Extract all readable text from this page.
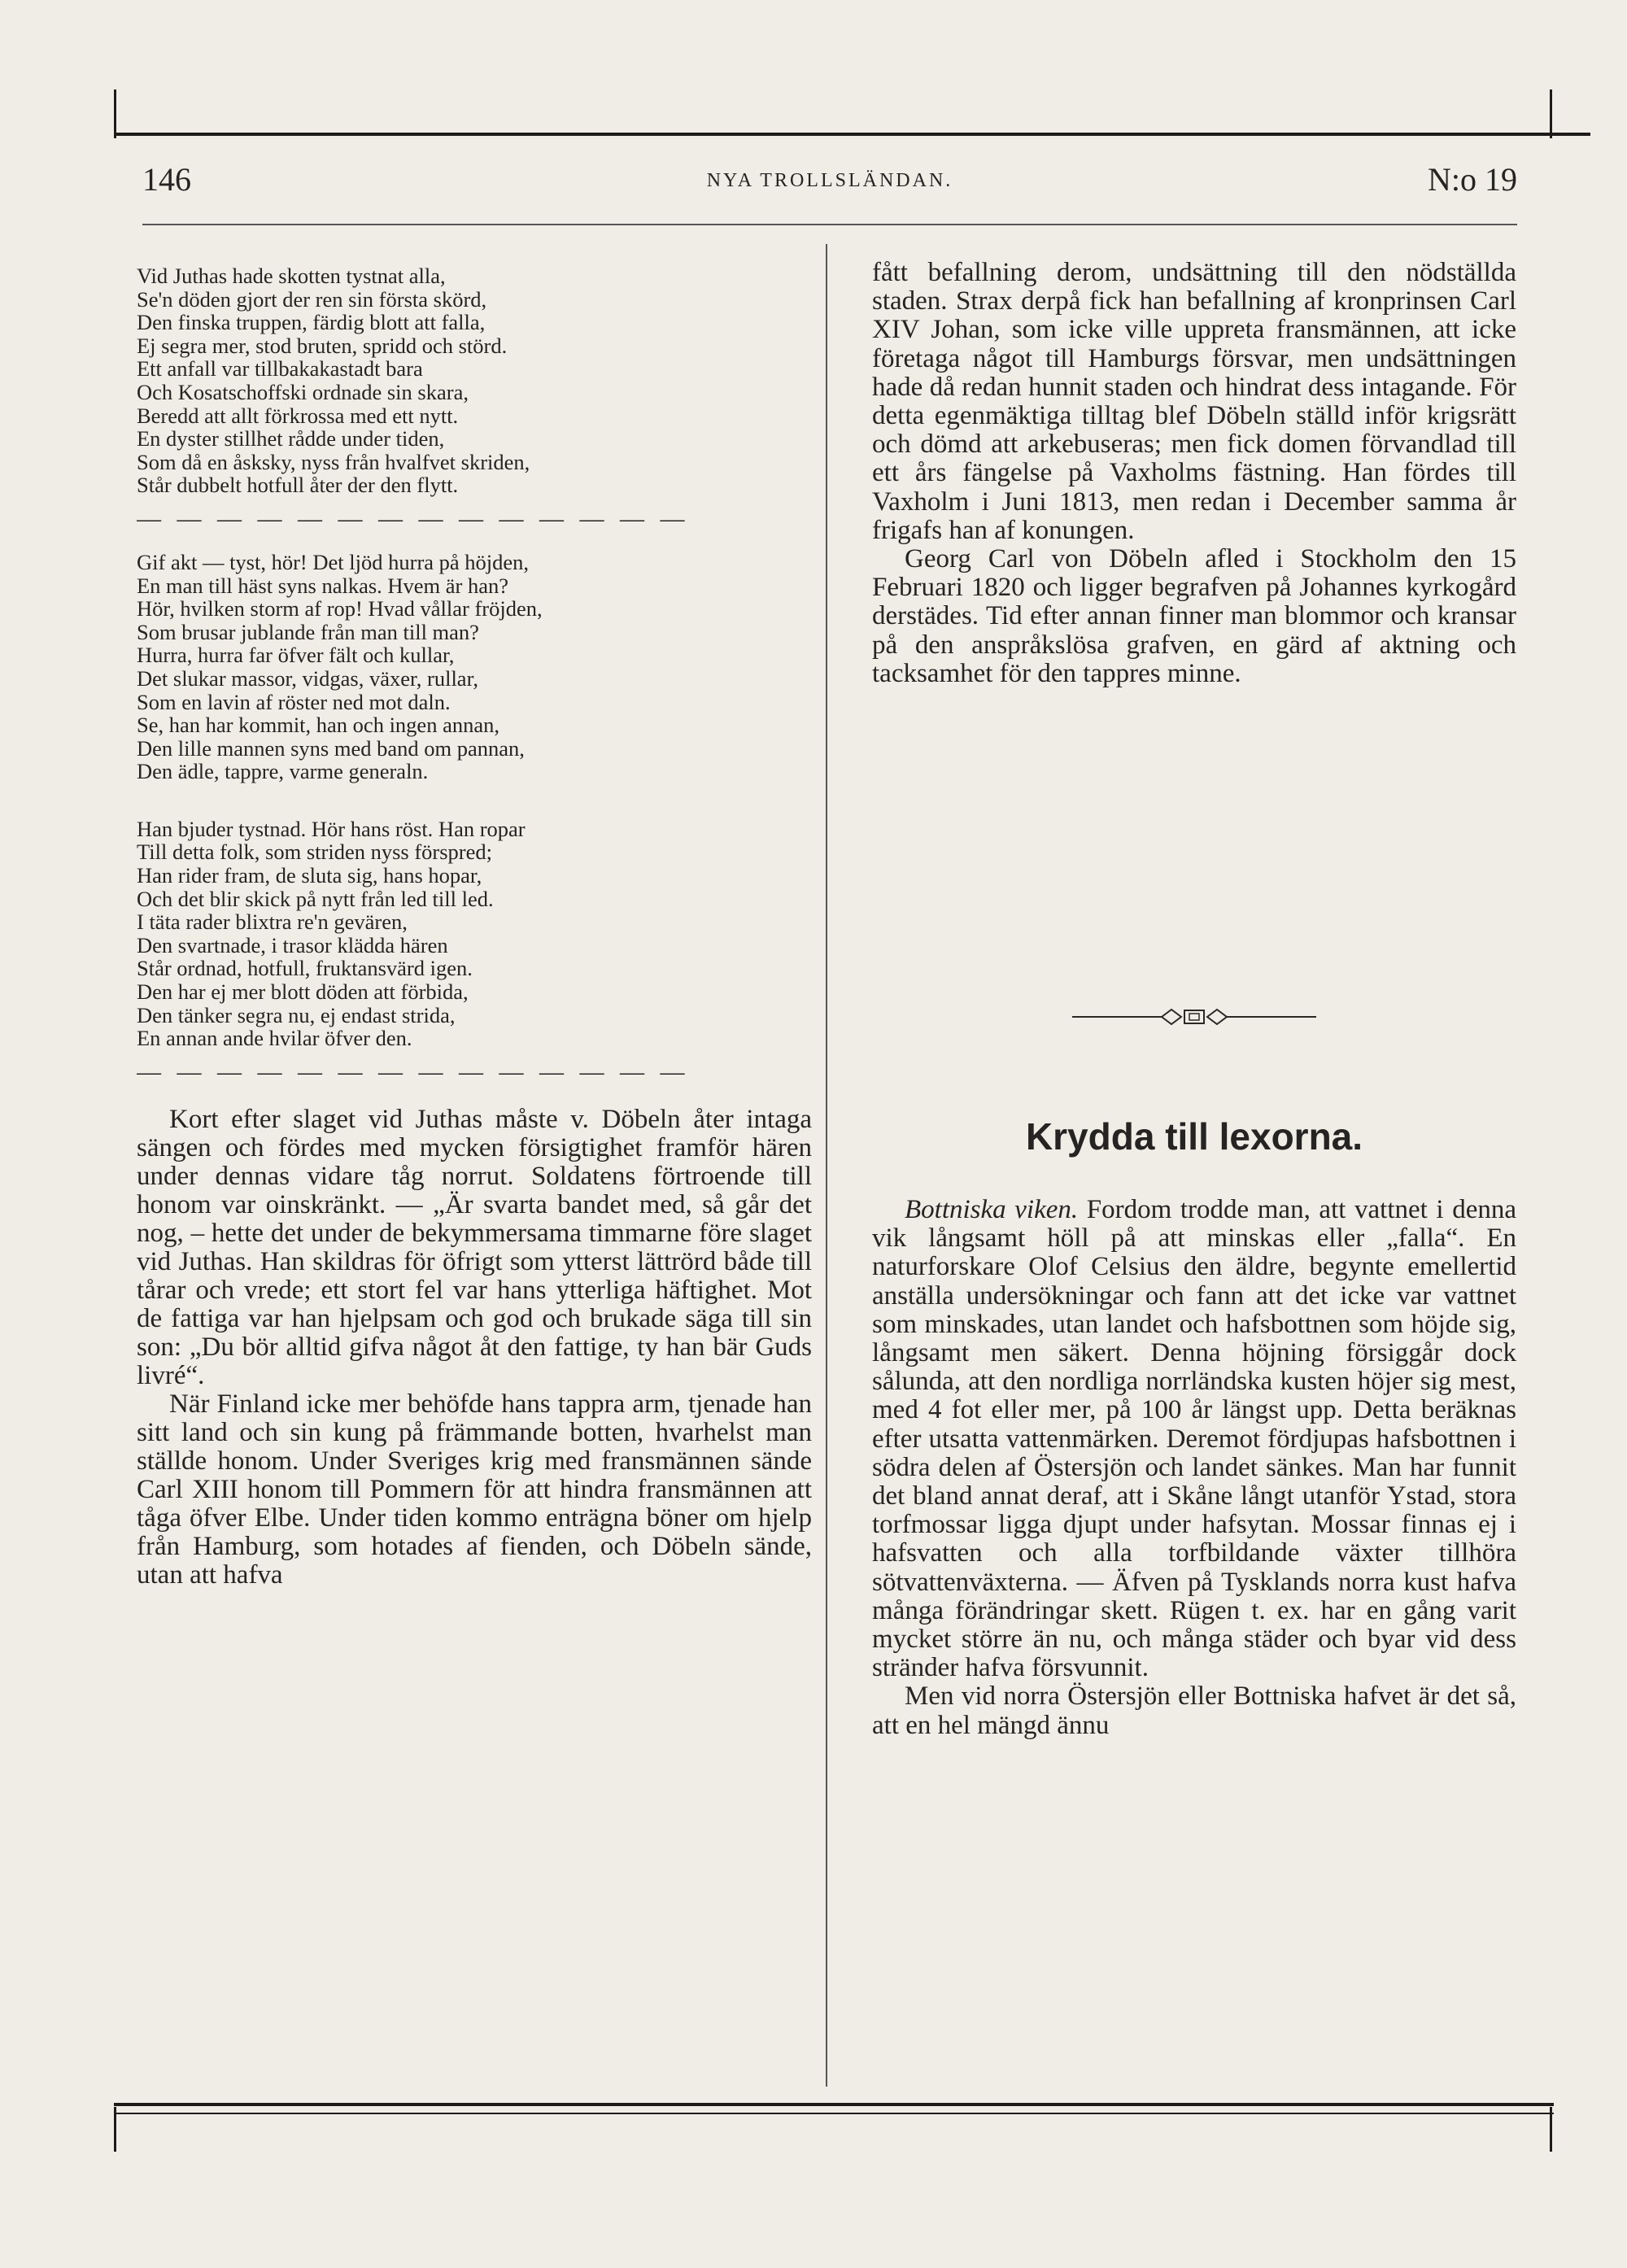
146	NYA TROLLSLÄNDAN.	N:o 19
Vid Juthas hade skotten tystnat alla,
Se'n döden gjort der ren sin första skörd,
Den finska truppen, färdig blott att falla,
Ej segra mer, stod bruten, spridd och störd.
Ett anfall var tillbakakastadt bara
Och Kosatschoffski ordnade sin skara,
Beredd att allt förkrossa med ett nytt.
En dyster stillhet rådde under tiden,
Som då en åsksky, nyss från hvalfvet skriden,
Står dubbelt hotfull åter der den flytt.
— — — — — — — — — — — — — —
Gif akt — tyst, hör! Det ljöd hurra på höjden,
En man till häst syns nalkas. Hvem är han?
Hör, hvilken storm af rop! Hvad vållar fröjden,
Som brusar jublande från man till man?
Hurra, hurra far öfver fält och kullar,
Det slukar massor, vidgas, växer, rullar,
Som en lavin af röster ned mot daln.
Se, han har kommit, han och ingen annan,
Den lille mannen syns med band om pannan,
Den ädle, tappre, varme generaln.
Han bjuder tystnad. Hör hans röst. Han ropar
Till detta folk, som striden nyss förspred;
Han rider fram, de sluta sig, hans hopar,
Och det blir skick på nytt från led till led.
I täta rader blixtra re'n gevären,
Den svartnade, i trasor klädda hären
Står ordnad, hotfull, fruktansvärd igen.
Den har ej mer blott döden att förbida,
Den tänker segra nu, ej endast strida,
En annan ande hvilar öfver den.
— — — — — — — — — — — — — —

Kort efter slaget vid Juthas måste v. Döbeln åter intaga sängen och fördes med mycken försigtighet framför hären under dennas vidare tåg norrut. Soldatens förtroende till honom var oinskränkt. — „Är svarta bandet med, så går det nog, – hette det under de bekymmersama timmarne före slaget vid Juthas. Han skildras för öfrigt som ytterst lättrörd både till tårar och vrede; ett stort fel var hans ytterliga häftighet. Mot de fattiga var han hjelpsam och god och brukade säga till sin son: „Du bör alltid gifva något åt den fattige, ty han bär Guds livré“.

När Finland icke mer behöfde hans tappra arm, tjenade han sitt land och sin kung på främmande botten, hvarhelst man ställde honom. Under Sveriges krig med fransmännen sände Carl XIII honom till Pommern för att hindra fransmännen att tåga öfver Elbe. Under tiden kommo enträgna böner om hjelp från Hamburg, som hotades af fienden, och Döbeln sände, utan att hafva

fått befallning derom, undsättning till den nödställda staden. Strax derpå fick han befallning af kronprinsen Carl XIV Johan, som icke ville uppreta fransmännen, att icke företaga något till Hamburgs försvar, men undsättningen hade då redan hunnit staden och hindrat dess intagande. För detta egenmäktiga tilltag blef Döbeln ställd inför krigsrätt och dömd att arkebuseras; men fick domen förvandlad till ett års fängelse på Vaxholms fästning. Han fördes till Vaxholm i Juni 1813, men redan i December samma år frigafs han af konungen.

Georg Carl von Döbeln afled i Stockholm den 15 Februari 1820 och ligger begrafven på Johannes kyrkogård derstädes. Tid efter annan finner man blommor och kransar på den anspråkslösa grafven, en gärd af aktning och tacksamhet för den tappres minne.

Krydda till lexorna.

Bottniska viken. Fordom trodde man, att vattnet i denna vik långsamt höll på att minskas eller „falla“. En naturforskare Olof Celsius den äldre, begynte emellertid anställa undersökningar och fann att det icke var vattnet som minskades, utan landet och hafsbottnen som höjde sig, långsamt men säkert. Denna höjning försiggår dock sålunda, att den nordliga norrländska kusten höjer sig mest, med 4 fot eller mer, på 100 år längst upp. Detta beräknas efter utsatta vattenmärken. Deremot fördjupas hafsbottnen i södra delen af Östersjön och landet sänkes. Man har funnit det bland annat deraf, att i Skåne långt utanför Ystad, stora torfmossar ligga djupt under hafsytan. Mossar finnas ej i hafsvatten och alla torfbildande växter tillhöra sötvattenväxterna. — Äfven på Tysklands norra kust hafva många förändringar skett. Rügen t. ex. har en gång varit mycket större än nu, och många städer och byar vid dess stränder hafva försvunnit.

Men vid norra Östersjön eller Bottniska hafvet är det så, att en hel mängd ännu
